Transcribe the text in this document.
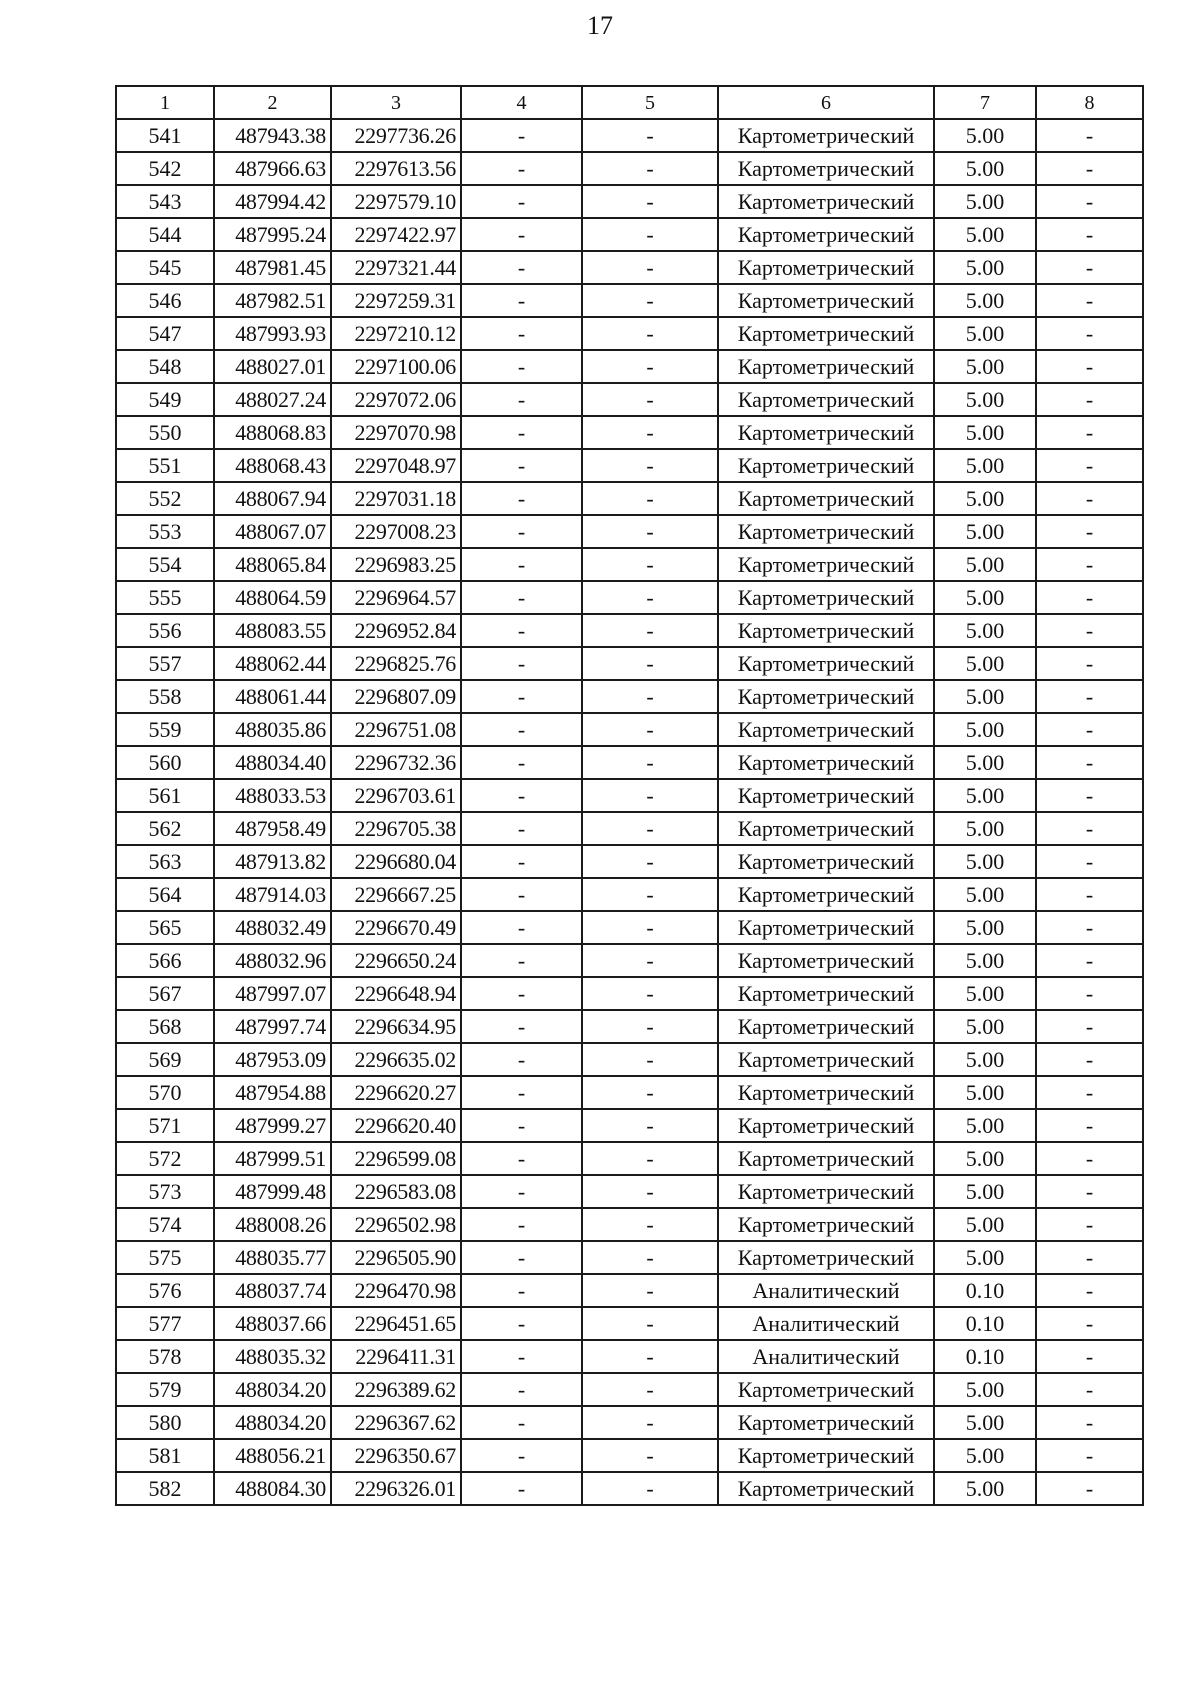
17
1	2	3	4	5	6	7	8
541	487943.38	2297736.26	-	-	Картометрический	5.00	-
542	487966.63	2297613.56	-	-	Картометрический	5.00	-
543	487994.42	2297579.10	-	-	Картометрический	5.00	-
544	487995.24	2297422.97	-	-	Картометрический	5.00	-
545	487981.45	2297321.44	-	-	Картометрический	5.00	-
546	487982.51	2297259.31	-	-	Картометрический	5.00	-
547	487993.93	2297210.12	-	-	Картометрический	5.00	-
548	488027.01	2297100.06	-	-	Картометрический	5.00	-
549	488027.24	2297072.06	-	-	Картометрический	5.00	-
550	488068.83	2297070.98	-	-	Картометрический	5.00	-
551	488068.43	2297048.97	-	-	Картометрический	5.00	-
552	488067.94	2297031.18	-	-	Картометрический	5.00	-
553	488067.07	2297008.23	-	-	Картометрический	5.00	-
554	488065.84	2296983.25	-	-	Картометрический	5.00	-
555	488064.59	2296964.57	-	-	Картометрический	5.00	-
556	488083.55	2296952.84	-	-	Картометрический	5.00	-
557	488062.44	2296825.76	-	-	Картометрический	5.00	-
558	488061.44	2296807.09	-	-	Картометрический	5.00	-
559	488035.86	2296751.08	-	-	Картометрический	5.00	-
560	488034.40	2296732.36	-	-	Картометрический	5.00	-
561	488033.53	2296703.61	-	-	Картометрический	5.00	-
562	487958.49	2296705.38	-	-	Картометрический	5.00	-
563	487913.82	2296680.04	-	-	Картометрический	5.00	-
564	487914.03	2296667.25	-	-	Картометрический	5.00	-
565	488032.49	2296670.49	-	-	Картометрический	5.00	-
566	488032.96	2296650.24	-	-	Картометрический	5.00	-
567	487997.07	2296648.94	-	-	Картометрический	5.00	-
568	487997.74	2296634.95	-	-	Картометрический	5.00	-
569	487953.09	2296635.02	-	-	Картометрический	5.00	-
570	487954.88	2296620.27	-	-	Картометрический	5.00	-
571	487999.27	2296620.40	-	-	Картометрический	5.00	-
572	487999.51	2296599.08	-	-	Картометрический	5.00	-
573	487999.48	2296583.08	-	-	Картометрический	5.00	-
574	488008.26	2296502.98	-	-	Картометрический	5.00	-
575	488035.77	2296505.90	-	-	Картометрический	5.00	-
576	488037.74	2296470.98	-	-	Аналитический	0.10	-
577	488037.66	2296451.65	-	-	Аналитический	0.10	-
578	488035.32	2296411.31	-	-	Аналитический	0.10	-
579	488034.20	2296389.62	-	-	Картометрический	5.00	-
580	488034.20	2296367.62	-	-	Картометрический	5.00	-
581	488056.21	2296350.67	-	-	Картометрический	5.00	-
582	488084.30	2296326.01	-	-	Картометрический	5.00	-
